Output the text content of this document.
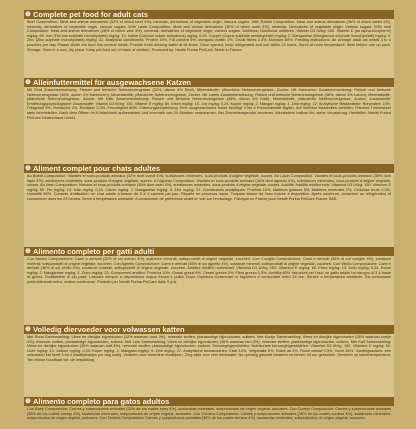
⊕ Complete pet food for adult cats
Beef Composition: Meat and animal derivatives (32% of which beef 4%), minerals, derivatives of vegetable origin. Various sugars. With Rabbit Composition: Meat and animal derivatives (36% of which rabbit 4%), minerals, derivatives of vegetable origin, various sugars. With Lamb Composition: Meat and animal derivatives (36% of which lamb 4%), minerals. Derivatives of vegetable origin. Various sugars. With Veal Composition: Meat and animal derivatives (36% of which veal 4%), minerals, derivatives of vegetable origin, various sugars. Additives: Nutritional additives: Vitamin D3 IU/kg: 150. Vitamin E (as alpha-tocopherol) mg/kg: 60. Iron (Ferrous sulphate monohydrate) mg/kg: 13. Iodine (Calcium iodate anhydrous) mg/kg: 0.24. Copper (Cupric sulphate pentahydrate) mg/kg: 2. Manganese (Manganous sulphate monohydrate) mg/kg: 4. Zinc (Zinc sulphate monohydrate) mg/kg: 22. Analytical constituents: Protein 10%, Fat content 5%, Inorganic matter 2%, Crude fibres 0.3%, Moisture 80%. Feeding instructions: An average adult cat needs 3 to 4 pouches per day. Please divide the food into several meals. Provide fresh drinking water at all times. Once opened, keep refrigerated and use within 24 hours. Serve at room temperature. Best before: see on pack. Storage: Store in a cool, dry place. Keep pet food out of reach of children. Produced by: Nestlé Purina PetCare, Made in France.
⊕ Alleinfuttermittel für ausgewachsene Katzen
Mit Rind Zusammensetzung: Fleisch und tierische Nebenerzeugnisse (32%, davon 4% Rind), Mineralstoffe, pflanzliche Nebenerzeugnisse, Zucker. Mit Kaninchen Zusammensetzung: Fleisch und tierische Nebenerzeugnisse (36%, davon 4% Kaninchen), Mineralstoffe, pflanzliche Nebenerzeugnisse, Zucker. Mit Lamm Zusammensetzung: Fleisch und tierische Nebenerzeugnisse (36%, davon 4% Lamm), Mineralstoffe, pflanzliche Nebenerzeugnisse, Zucker. Mit Kalb Zusammensetzung: Fleisch und tierische Nebenerzeugnisse (36%, davon 4% Kalb), Mineralstoffe, pflanzliche Nebenerzeugnisse, Zucker. Zusatzstoffe: Ernährungsphysiologische Zusatzstoffe: Vitamin D3 IE/kg: 150. Vitamin E mg/kg: 60. Eisen mg/kg: 13. Jod mg/kg: 0,24. Kupfer mg/kg: 2. Mangan mg/kg: 4. Zink mg/kg: 22. Analytische Bestandteile: Rohprotein 10%, Fettgehalt 5%, Rohasche 2%, Rohfaser 0,3%, Feuchtigkeit 80%. Fütterungsempfehlung: Eine ausgewachsene Katze benötigt 3 bis 4 Portionsbeutel täglich. Auf mehrere Mahlzeiten verteilen. Frisches Trinkwasser stets bereitstellen. Nach dem Öffnen im Kühlschrank aufbewahren und innerhalb von 24 Stunden verbrauchen. Bei Zimmertemperatur servieren. Mindestens haltbar bis: siehe Verpackung. Hersteller: Nestlé Purina PetCare Deutschland GmbH.
⊕ Aliment complet pour chats adultes
Au Boeuf Composition: Viandes et sous-produits animaux (32% dont boeuf 4%), substances minérales, sous-produits d'origine végétale, sucres. Au Lapin Composition: Viandes et sous-produits animaux (36% dont lapin 4%), substances minérales, sous-produits d'origine végétale, sucres. A l'Agneau Composition: Viandes et sous-produits animaux (36% dont agneau 4%), substances minérales, sous-produits d'origine végétale, sucres. Au Veau Composition: Viandes et sous-produits animaux (36% dont veau 4%), substances minérales, sous-produits d'origine végétale, sucres. Additifs: Additifs nutritionnels: Vitamine D3 UI/kg: 150. Vitamine E mg/kg: 60. Fer mg/kg: 13. Iode mg/kg: 0,24. Cuivre mg/kg: 2. Manganèse mg/kg: 4. Zinc mg/kg: 22. Constituants analytiques: Protéine 10%, Matières grasses 5%, Matières minérales 2%, Cellulose brute 0,3%, Humidité 80%. Conseils d'utilisation: un chat adulte a besoin de 3 à 4 sachets par jour. Répartir en plusieurs repas. Toujours laisser de l'eau fraîche à disposition. Après ouverture, conserver au réfrigérateur et consommer dans les 24 heures. Servir à température ambiante. A consommer de préférence avant le: voir sur l'emballage. Fabriqué en France pour Nestlé Purina PetCare France SAS.
⊕ Alimento completo per gatti adulti
Con Manzo Composizione: Carni e derivati (32% di cui manzo 4%), sostanze minerali, sottoprodotti di origine vegetale, zuccheri. Con Coniglio Composizione: Carni e derivati (36% di cui coniglio 4%), sostanze minerali, sottoprodotti di origine vegetale, zuccheri. Con Agnello Composizione: Carni e derivati (36% di cui agnello 4%), sostanze minerali, sottoprodotti di origine vegetale, zuccheri. Con Vitello Composizione: Carni e derivati (36% di cui vitello 4%), sostanze minerali, sottoprodotti di origine vegetale, zuccheri. Additivi: Additivi nutrizionali: Vitamina D3 UI/kg: 150. Vitamina E mg/kg: 60. Ferro mg/kg: 13. Iodio mg/kg: 0,24. Rame mg/kg: 2. Manganese mg/kg: 4. Zinco mg/kg: 22. Componenti analitici: Proteina 10%, Grassi grezzi 5%, Ceneri grezze 2%, Fibra grezza 0,3%, Umidità 80%. Istruzioni per l'uso: un gatto adulto ha bisogno di 3-4 buste al giorno. Suddividere in più pasti. Lasciare sempre a disposizione acqua fresca e pulita. Dopo l'apertura conservare in frigorifero e consumare entro 24 ore. Servire a temperatura ambiente. Da consumarsi preferibilmente entro: vedere confezione. Prodotto per Nestlé Purina PetCare Italia S.p.A.
⊕ Volledig diervoeder voor volwassen katten
Met Rund Samenstelling: Vlees en dierlijke bijproducten (32% waarvan rund 4%), minerale stoffen, plantaardige bijproducten, suikers. Met Konijn Samenstelling: Vlees en dierlijke bijproducten (36% waarvan konijn 4%), minerale stoffen, plantaardige bijproducten, suikers. Met Lam Samenstelling: Vlees en dierlijke bijproducten (36% waarvan lam 4%), minerale stoffen, plantaardige bijproducten, suikers. Met Kalf Samenstelling: Vlees en dierlijke bijproducten (36% waarvan kalf 4%), minerale stoffen, plantaardige bijproducten, suikers. Toevoegingsmiddelen: Nutritionele toevoegingsmiddelen: Vitamine D3 IE/kg: 150. Vitamine E mg/kg: 60. IJzer mg/kg: 13. Jodium mg/kg: 0,24. Koper mg/kg: 2. Mangaan mg/kg: 4. Zink mg/kg: 22. Analytische bestanddelen: Eiwit 10%, Vetgehalte 5%, Ruwe as 2%, Ruwe celstof 0,3%, Vocht 80%. Voedingsadvies: een volwassen kat heeft 3 tot 4 maaltijdzakjes per dag nodig. Verdelen over meerdere maaltijden. Zorg altijd voor vers drinkwater. Na opening gekoeld bewaren en binnen 24 uur gebruiken. Serveren op kamertemperatuur. Ten minste houdbaar tot: zie verpakking.
⊕ Alimento completo para gatos adultos
Con Buey Composición: Carnes y subproductos animales (32% de los cuales buey 4%), sustancias minerales, subproductos de origen vegetal, azúcares. Con Conejo Composición: Carnes y subproductos animales (36% de los cuales conejo 4%), sustancias minerales, subproductos de origen vegetal, azúcares. Con Cordero Composición: Carnes y subproductos animales (36% de los cuales cordero 4%), sustancias minerales, subproductos de origen vegetal, azúcares. Con Ternera Composición: Carnes y subproductos animales (36% de los cuales ternera 4%), sustancias minerales, subproductos de origen vegetal, azúcares.
